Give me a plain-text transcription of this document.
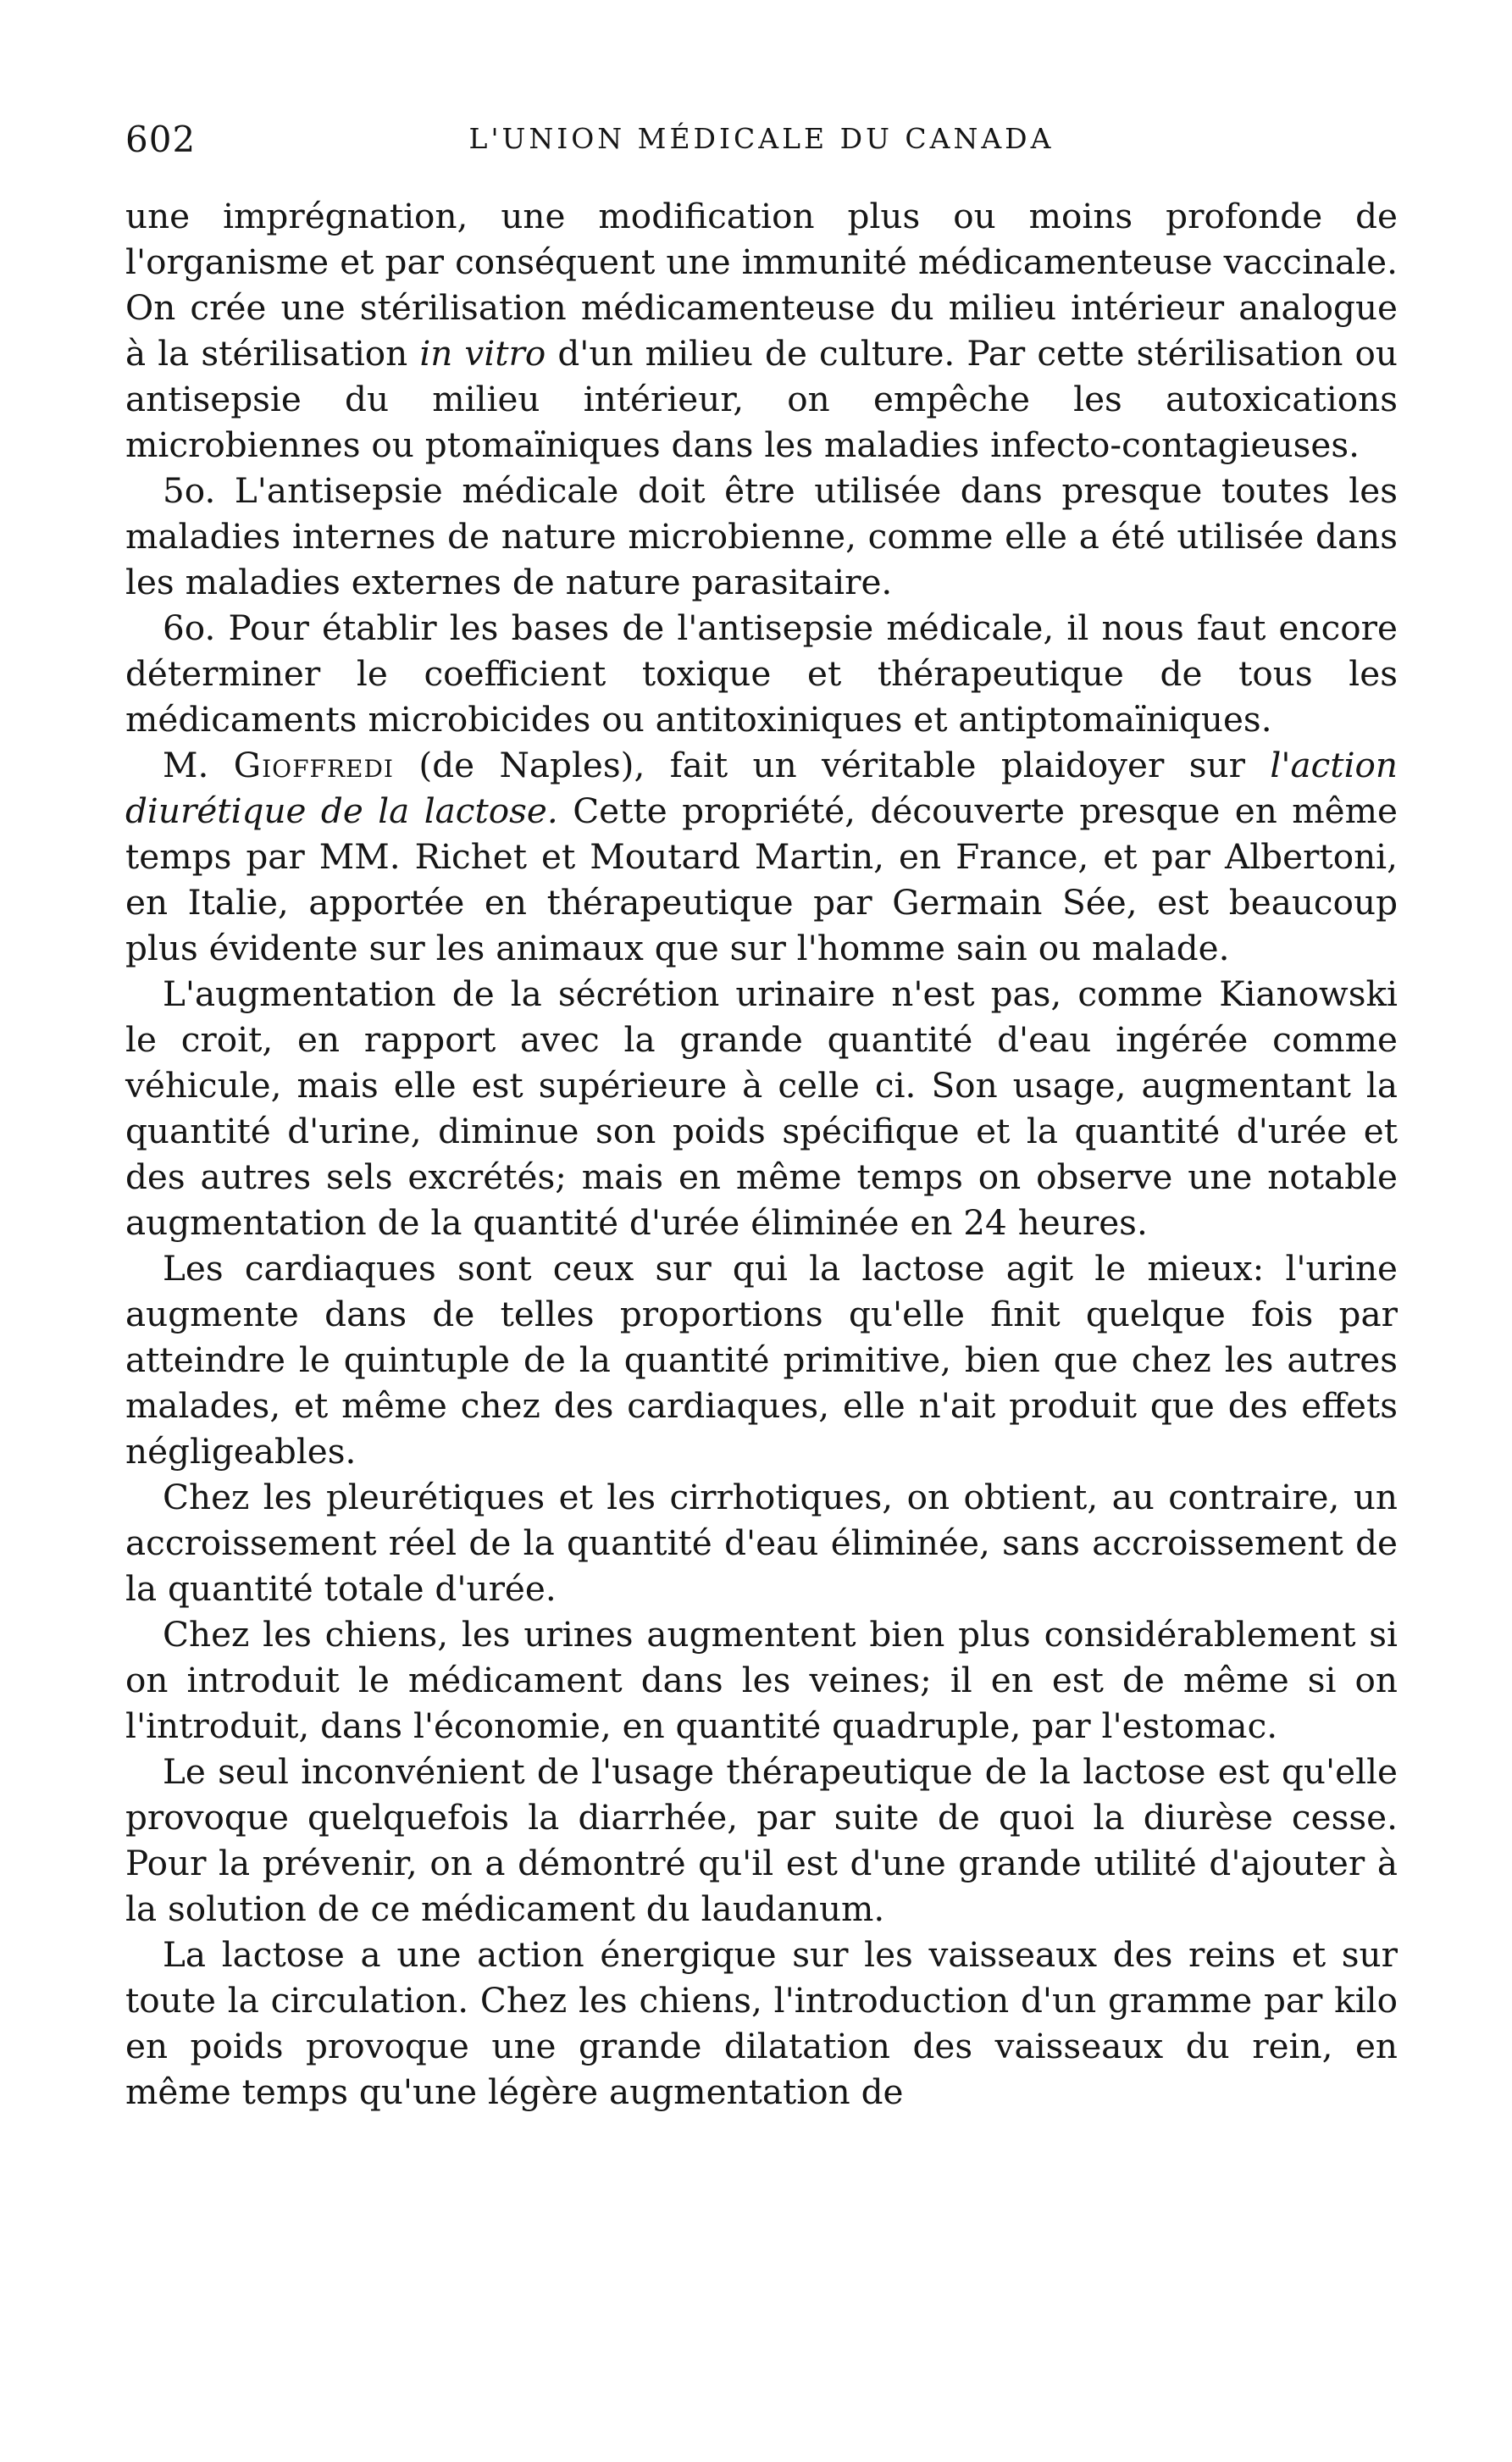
602	L'UNION MÉDICALE DU CANADA

une imprégnation, une modification plus ou moins profonde de l'organisme et par conséquent une immunité médicamenteuse vaccinale. On crée une stérilisation médicamenteuse du milieu intérieur analogue à la stérilisation in vitro d'un milieu de culture. Par cette stérilisation ou antisepsie du milieu intérieur, on empêche les autoxications microbiennes ou ptomaïniques dans les maladies infecto-contagieuses.

5o. L'antisepsie médicale doit être utilisée dans presque toutes les maladies internes de nature microbienne, comme elle a été utilisée dans les maladies externes de nature parasitaire.

6o. Pour établir les bases de l'antisepsie médicale, il nous faut encore déterminer le coefficient toxique et thérapeutique de tous les médicaments microbicides ou antitoxiniques et antiptomaïniques.

M. Gioffredi (de Naples), fait un véritable plaidoyer sur l'action diurétique de la lactose. Cette propriété, découverte presque en même temps par MM. Richet et Moutard Martin, en France, et par Albertoni, en Italie, apportée en thérapeutique par Germain Sée, est beaucoup plus évidente sur les animaux que sur l'homme sain ou malade.

L'augmentation de la sécrétion urinaire n'est pas, comme Kianowski le croit, en rapport avec la grande quantité d'eau ingérée comme véhicule, mais elle est supérieure à celle ci. Son usage, augmentant la quantité d'urine, diminue son poids spécifique et la quantité d'urée et des autres sels excrétés; mais en même temps on observe une notable augmentation de la quantité d'urée éliminée en 24 heures.

Les cardiaques sont ceux sur qui la lactose agit le mieux: l'urine augmente dans de telles proportions qu'elle finit quelque fois par atteindre le quintuple de la quantité primitive, bien que chez les autres malades, et même chez des cardiaques, elle n'ait produit que des effets négligeables.

Chez les pleurétiques et les cirrhotiques, on obtient, au contraire, un accroissement réel de la quantité d'eau éliminée, sans accroissement de la quantité totale d'urée.

Chez les chiens, les urines augmentent bien plus considérablement si on introduit le médicament dans les veines; il en est de même si on l'introduit, dans l'économie, en quantité quadruple, par l'estomac.

Le seul inconvénient de l'usage thérapeutique de la lactose est qu'elle provoque quelquefois la diarrhée, par suite de quoi la diurèse cesse. Pour la prévenir, on a démontré qu'il est d'une grande utilité d'ajouter à la solution de ce médicament du laudanum.

La lactose a une action énergique sur les vaisseaux des reins et sur toute la circulation. Chez les chiens, l'introduction d'un gramme par kilo en poids provoque une grande dilatation des vaisseaux du rein, en même temps qu'une légère augmentation de
